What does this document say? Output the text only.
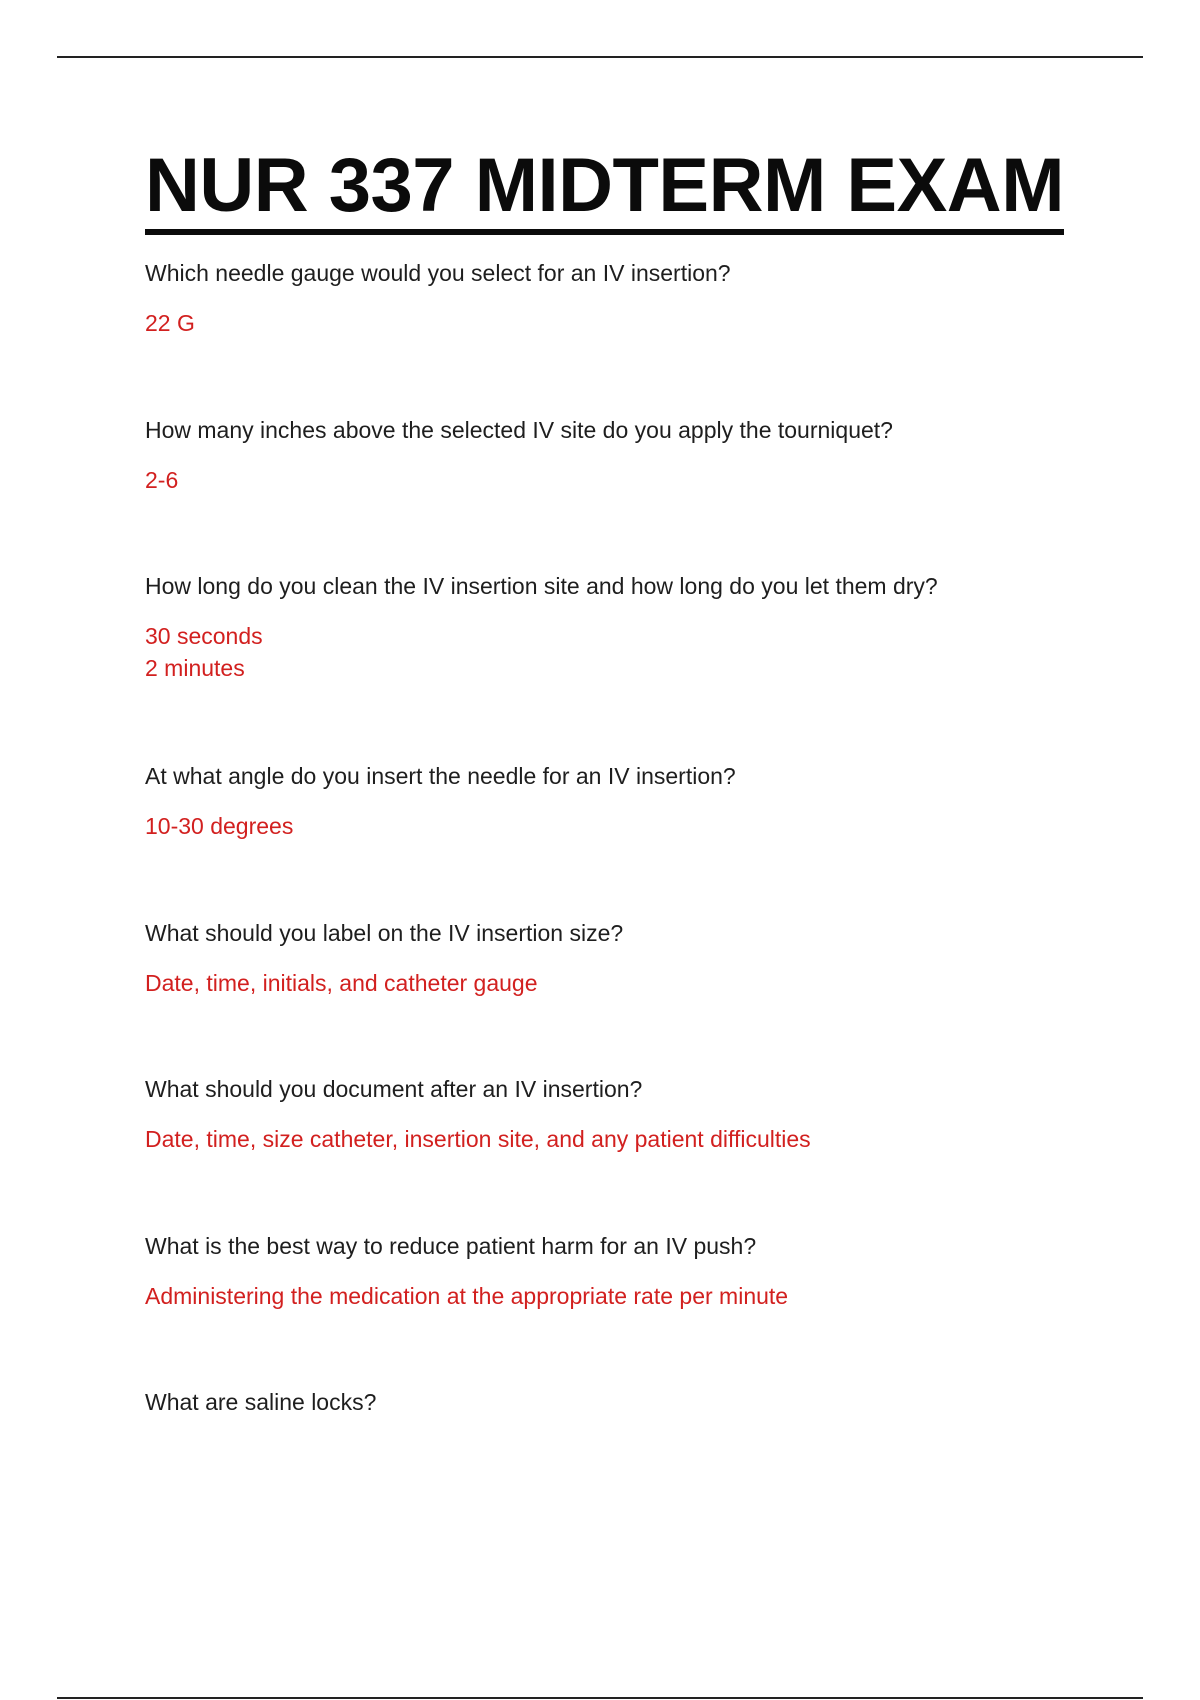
NUR 337 MIDTERM EXAM

Which needle gauge would you select for an IV insertion?

22 G

How many inches above the selected IV site do you apply the tourniquet?

2-6

How long do you clean the IV insertion site and how long do you let them dry?

30 seconds
2 minutes

At what angle do you insert the needle for an IV insertion?

10-30 degrees

What should you label on the IV insertion size?

Date, time, initials, and catheter gauge

What should you document after an IV insertion?

Date, time, size catheter, insertion site, and any patient difficulties

What is the best way to reduce patient harm for an IV push?

Administering the medication at the appropriate rate per minute

What are saline locks?
